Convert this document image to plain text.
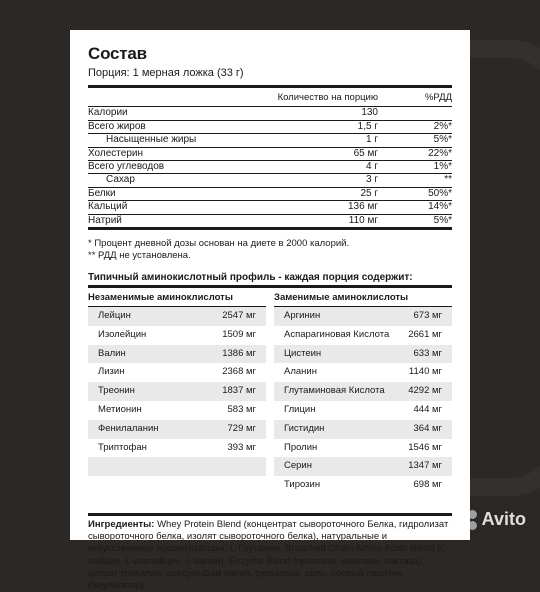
Состав
Порция: 1 мерная ложка (33 г)
Количество на порцию	%РДД
Калории	130
Всего жиров	1,5 г	2%*
Насыщенные жиры	1 г	5%*
Холестерин	65 мг	22%*
Всего углеводов	4 г	1%*
Сахар	3 г	**
Белки	25 г	50%*
Кальций	136 мг	14%*
Натрий	110 мг	5%*
* Процент дневной дозы основан на диете в 2000 калорий.
** РДД не установлена.
Типичный аминокислотный профиль - каждая порция содержит:
Незаменимые аминоклислоты
Лейцин	2547 мг
Изолейцин	1509 мг
Валин	1386 мг
Лизин	2368 мг
Треонин	1837 мг
Метионин	583 мг
Фенилаланин	729 мг
Триптофан	393 мг
Заменимые аминоклислоты
Аргинин	673 мг
Аспарагиновая Кислота 2661 мг
Цистеин	633 мг
Аланин	1140 мг
Глутаминовая Кислота 4292 мг
Глицин	444 мг
Гистидин	364 мг
Пролин	1546 мг
Серин	1347 мг
Тирозин	698 мг
Ингредиенты: Whey Protein Blend (концентрат сывороточного Белка, гидролизат сывороточного белка, изолят сывороточного белка), натуральные и искусственные ароматизаторы, L-Глутамин, Branched Chain Amino Acids Blend (L-лейцин, L-изолейцин, L-валин), Enzyme Blend (протеаза, амилаза, лактаза), цитрат трикалия, ацесульфам калия, сукралоза, соль, соевый лецитин (эмульгатор).
Avito
